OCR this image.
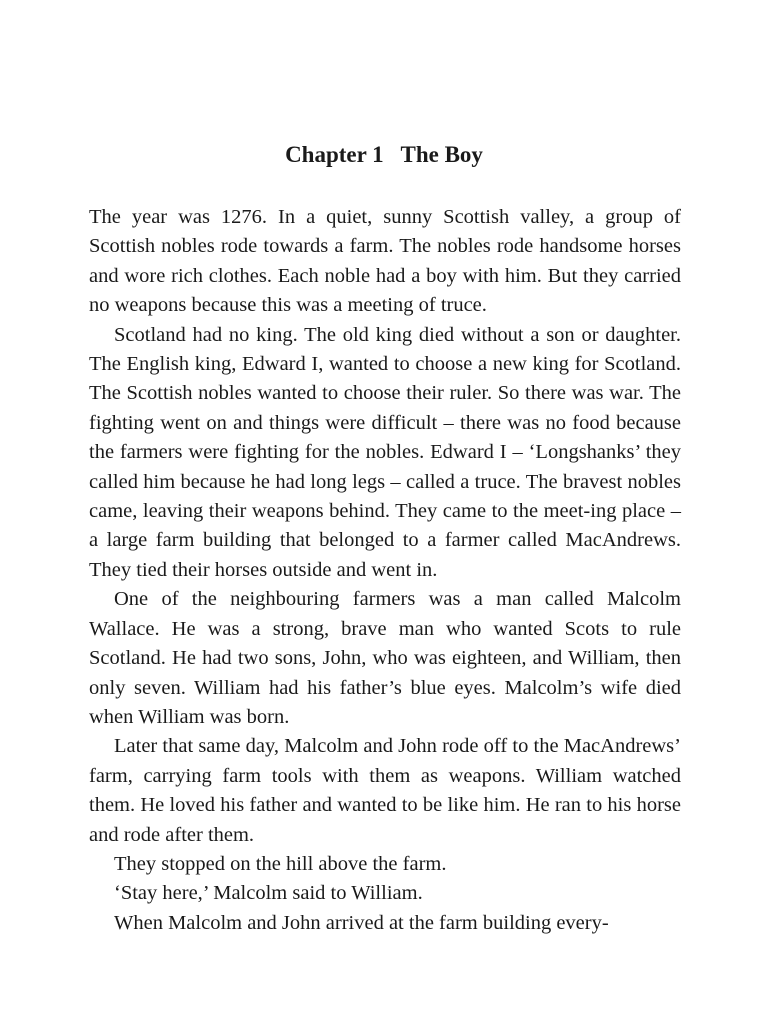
Chapter 1   The Boy

The year was 1276. In a quiet, sunny Scottish valley, a group of Scottish nobles rode towards a farm. The nobles rode handsome horses and wore rich clothes. Each noble had a boy with him. But they carried no weapons because this was a meeting of truce.

Scotland had no king. The old king died without a son or daughter. The English king, Edward I, wanted to choose a new king for Scotland. The Scottish nobles wanted to choose their ruler. So there was war. The fighting went on and things were difficult – there was no food because the farmers were fighting for the nobles. Edward I – ‘Longshanks’ they called him because he had long legs – called a truce. The bravest nobles came, leaving their weapons behind. They came to the meet-ing place – a large farm building that belonged to a farmer called MacAndrews. They tied their horses outside and went in.

One of the neighbouring farmers was a man called Malcolm Wallace. He was a strong, brave man who wanted Scots to rule Scotland. He had two sons, John, who was eighteen, and William, then only seven. William had his father’s blue eyes. Malcolm’s wife died when William was born.

Later that same day, Malcolm and John rode off to the MacAndrews’ farm, carrying farm tools with them as weapons. William watched them. He loved his father and wanted to be like him. He ran to his horse and rode after them.

They stopped on the hill above the farm.

‘Stay here,’ Malcolm said to William.

When Malcolm and John arrived at the farm building every-
